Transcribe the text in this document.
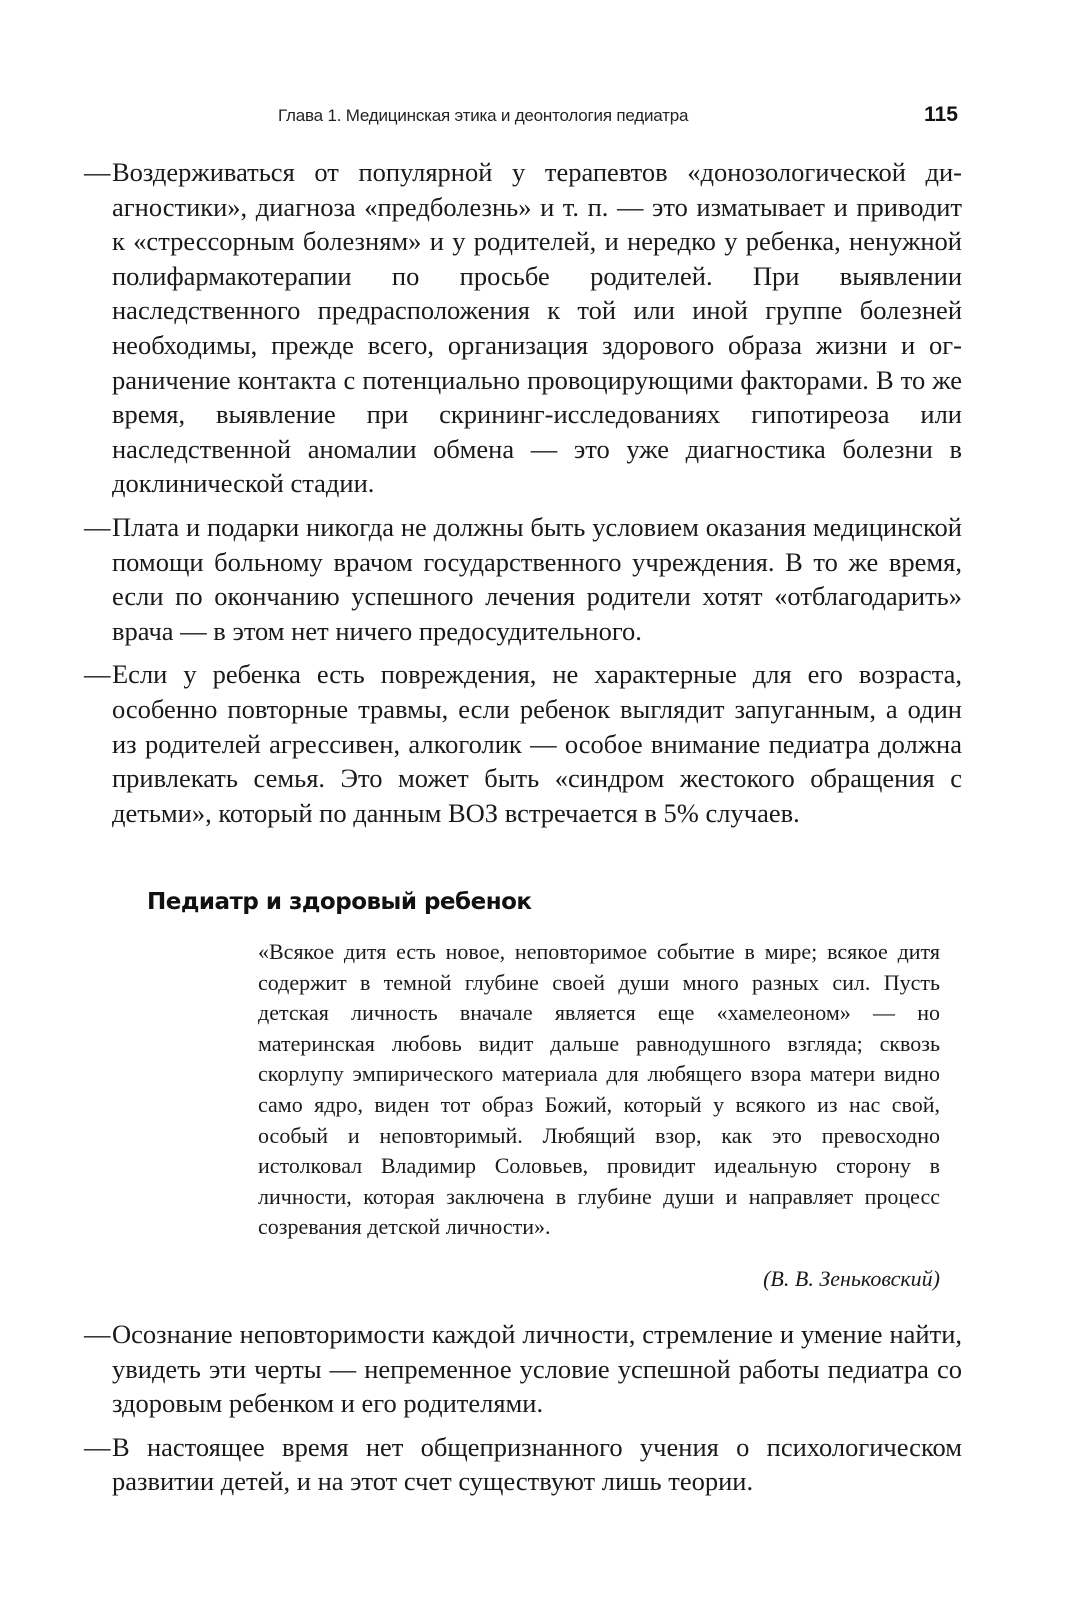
Глава 1. Медицинская этика и деонтология педиатра	115
— Воздерживаться от популярной у терапевтов «донозологической диагностики», диагноза «предболезнь» и т. п. — это изматывает и приводит к «стрессорным болезням» и у родителей, и нередко у ребенка, ненужной полифармакотерапии по просьбе родителей. При выявлении наследственного предрасположения к той или иной группе болезней необходимы, прежде всего, организация здорового образа жизни и ограничение контакта с потенциально провоцирующими факторами. В то же время, выявление при скрининг-исследованиях гипотиреоза или наследственной аномалии обмена — это уже диагностика болезни в доклинической стадии.

— Плата и подарки никогда не должны быть условием оказания медицинской помощи больному врачом государственного учреждения. В то же время, если по окончанию успешного лечения родители хотят «отблагодарить» врача — в этом нет ничего предосудительного.

— Если у ребенка есть повреждения, не характерные для его возраста, особенно повторные травмы, если ребенок выглядит запуганным, а один из родителей агрессивен, алкоголик — особое внимание педиатра должна привлекать семья. Это может быть «синдром жестокого обращения с детьми», который по данным ВОЗ встречается в 5% случаев.

Педиатр и здоровый ребенок

«Всякое дитя есть новое, неповторимое событие в мире; всякое дитя содержит в темной глубине своей души много разных сил. Пусть детская личность вначале является еще «хамелеоном» — но материнская любовь видит дальше равнодушного взгляда; сквозь скорлупу эмпирического материала для любящего взора матери видно само ядро, виден тот образ Божий, который у всякого из нас свой, особый и неповторимый. Любящий взор, как это превосходно истолковал Владимир Соловьев, провидит идеальную сторону в личности, которая заключена в глубине души и направляет процесс созревания детской личности».

(В. В. Зеньковский)

— Осознание неповторимости каждой личности, стремление и умение найти, увидеть эти черты — непременное условие успешной работы педиатра со здоровым ребенком и его родителями.

— В настоящее время нет общепризнанного учения о психологическом развитии детей, и на этот счет существуют лишь теории.
